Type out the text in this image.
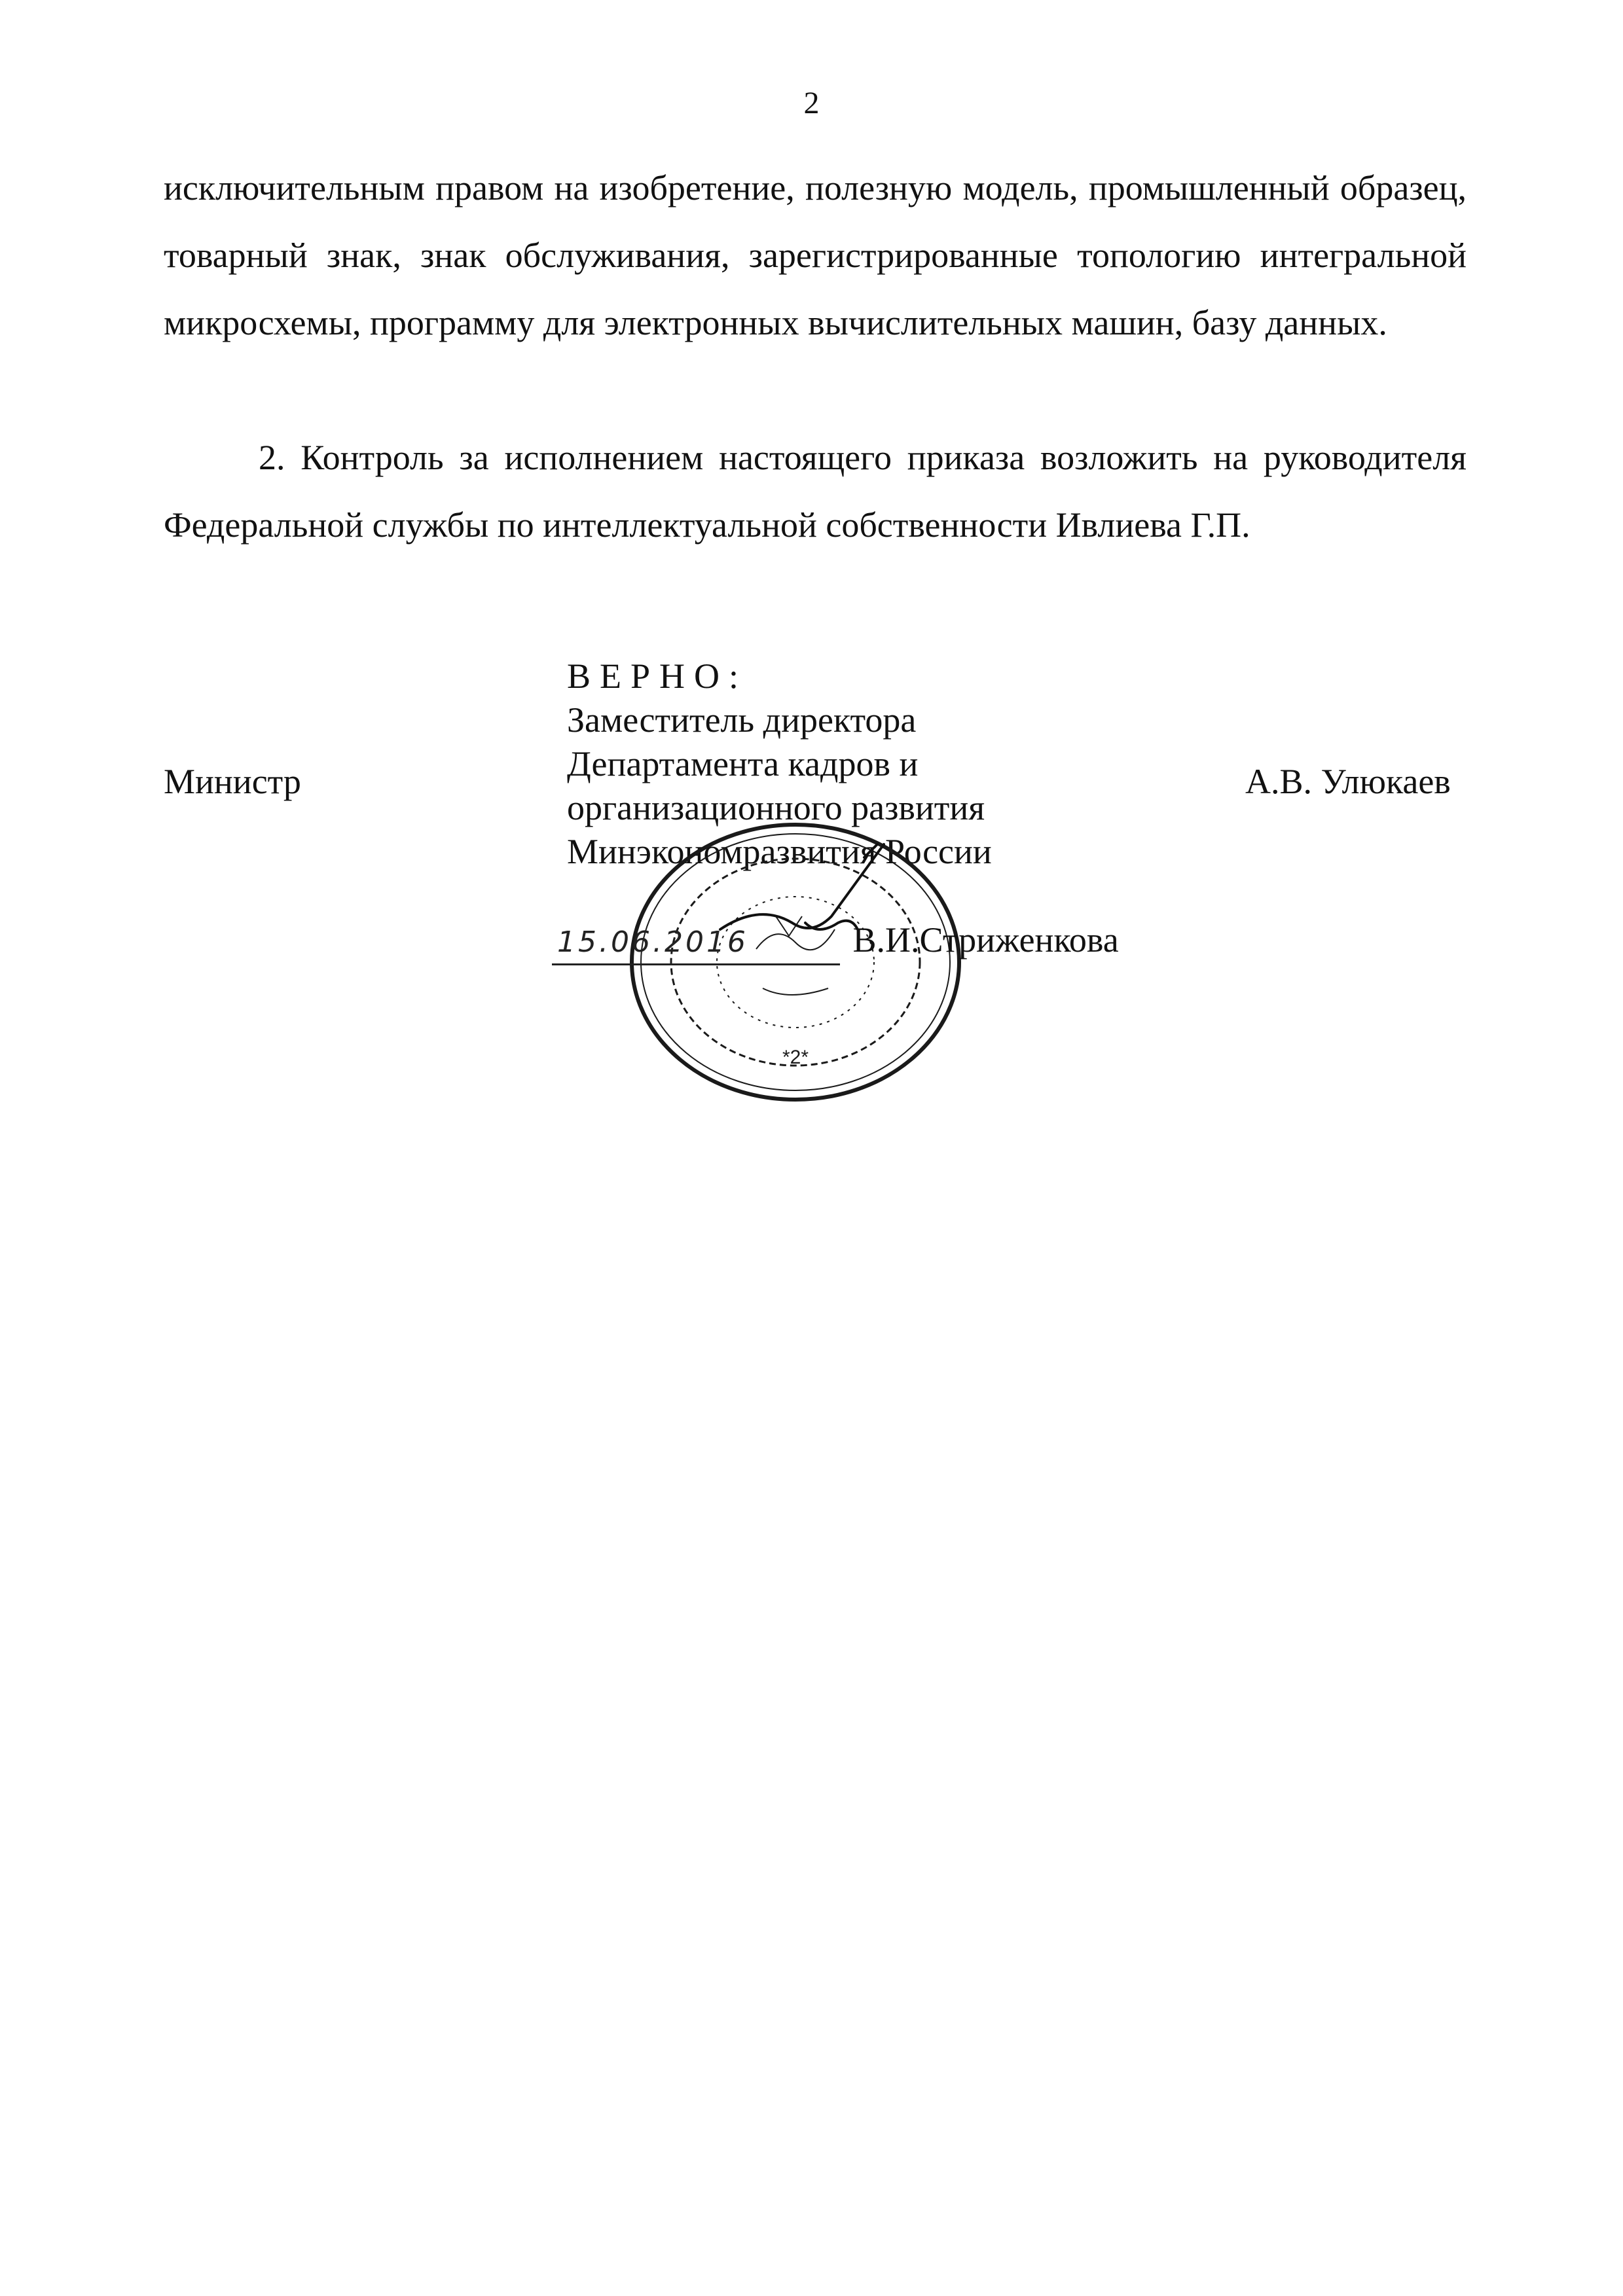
2

исключительным правом на изобретение, полезную модель, промышленный образец, товарный знак, знак обслуживания, зарегистрированные топологию интегральной микросхемы, программу для электронных вычислительных машин, базу данных.

2. Контроль за исполнением настоящего приказа возложить на руководителя Федеральной службы по интеллектуальной собственности Ивлиева Г.П.

Министр	А.В. Улюкаев
ВЕРНО:
Заместитель директора
Департамента кадров и
организационного развития
Минэкономразвития России
*2*
15.06.2016	В.И.Стриженкова
